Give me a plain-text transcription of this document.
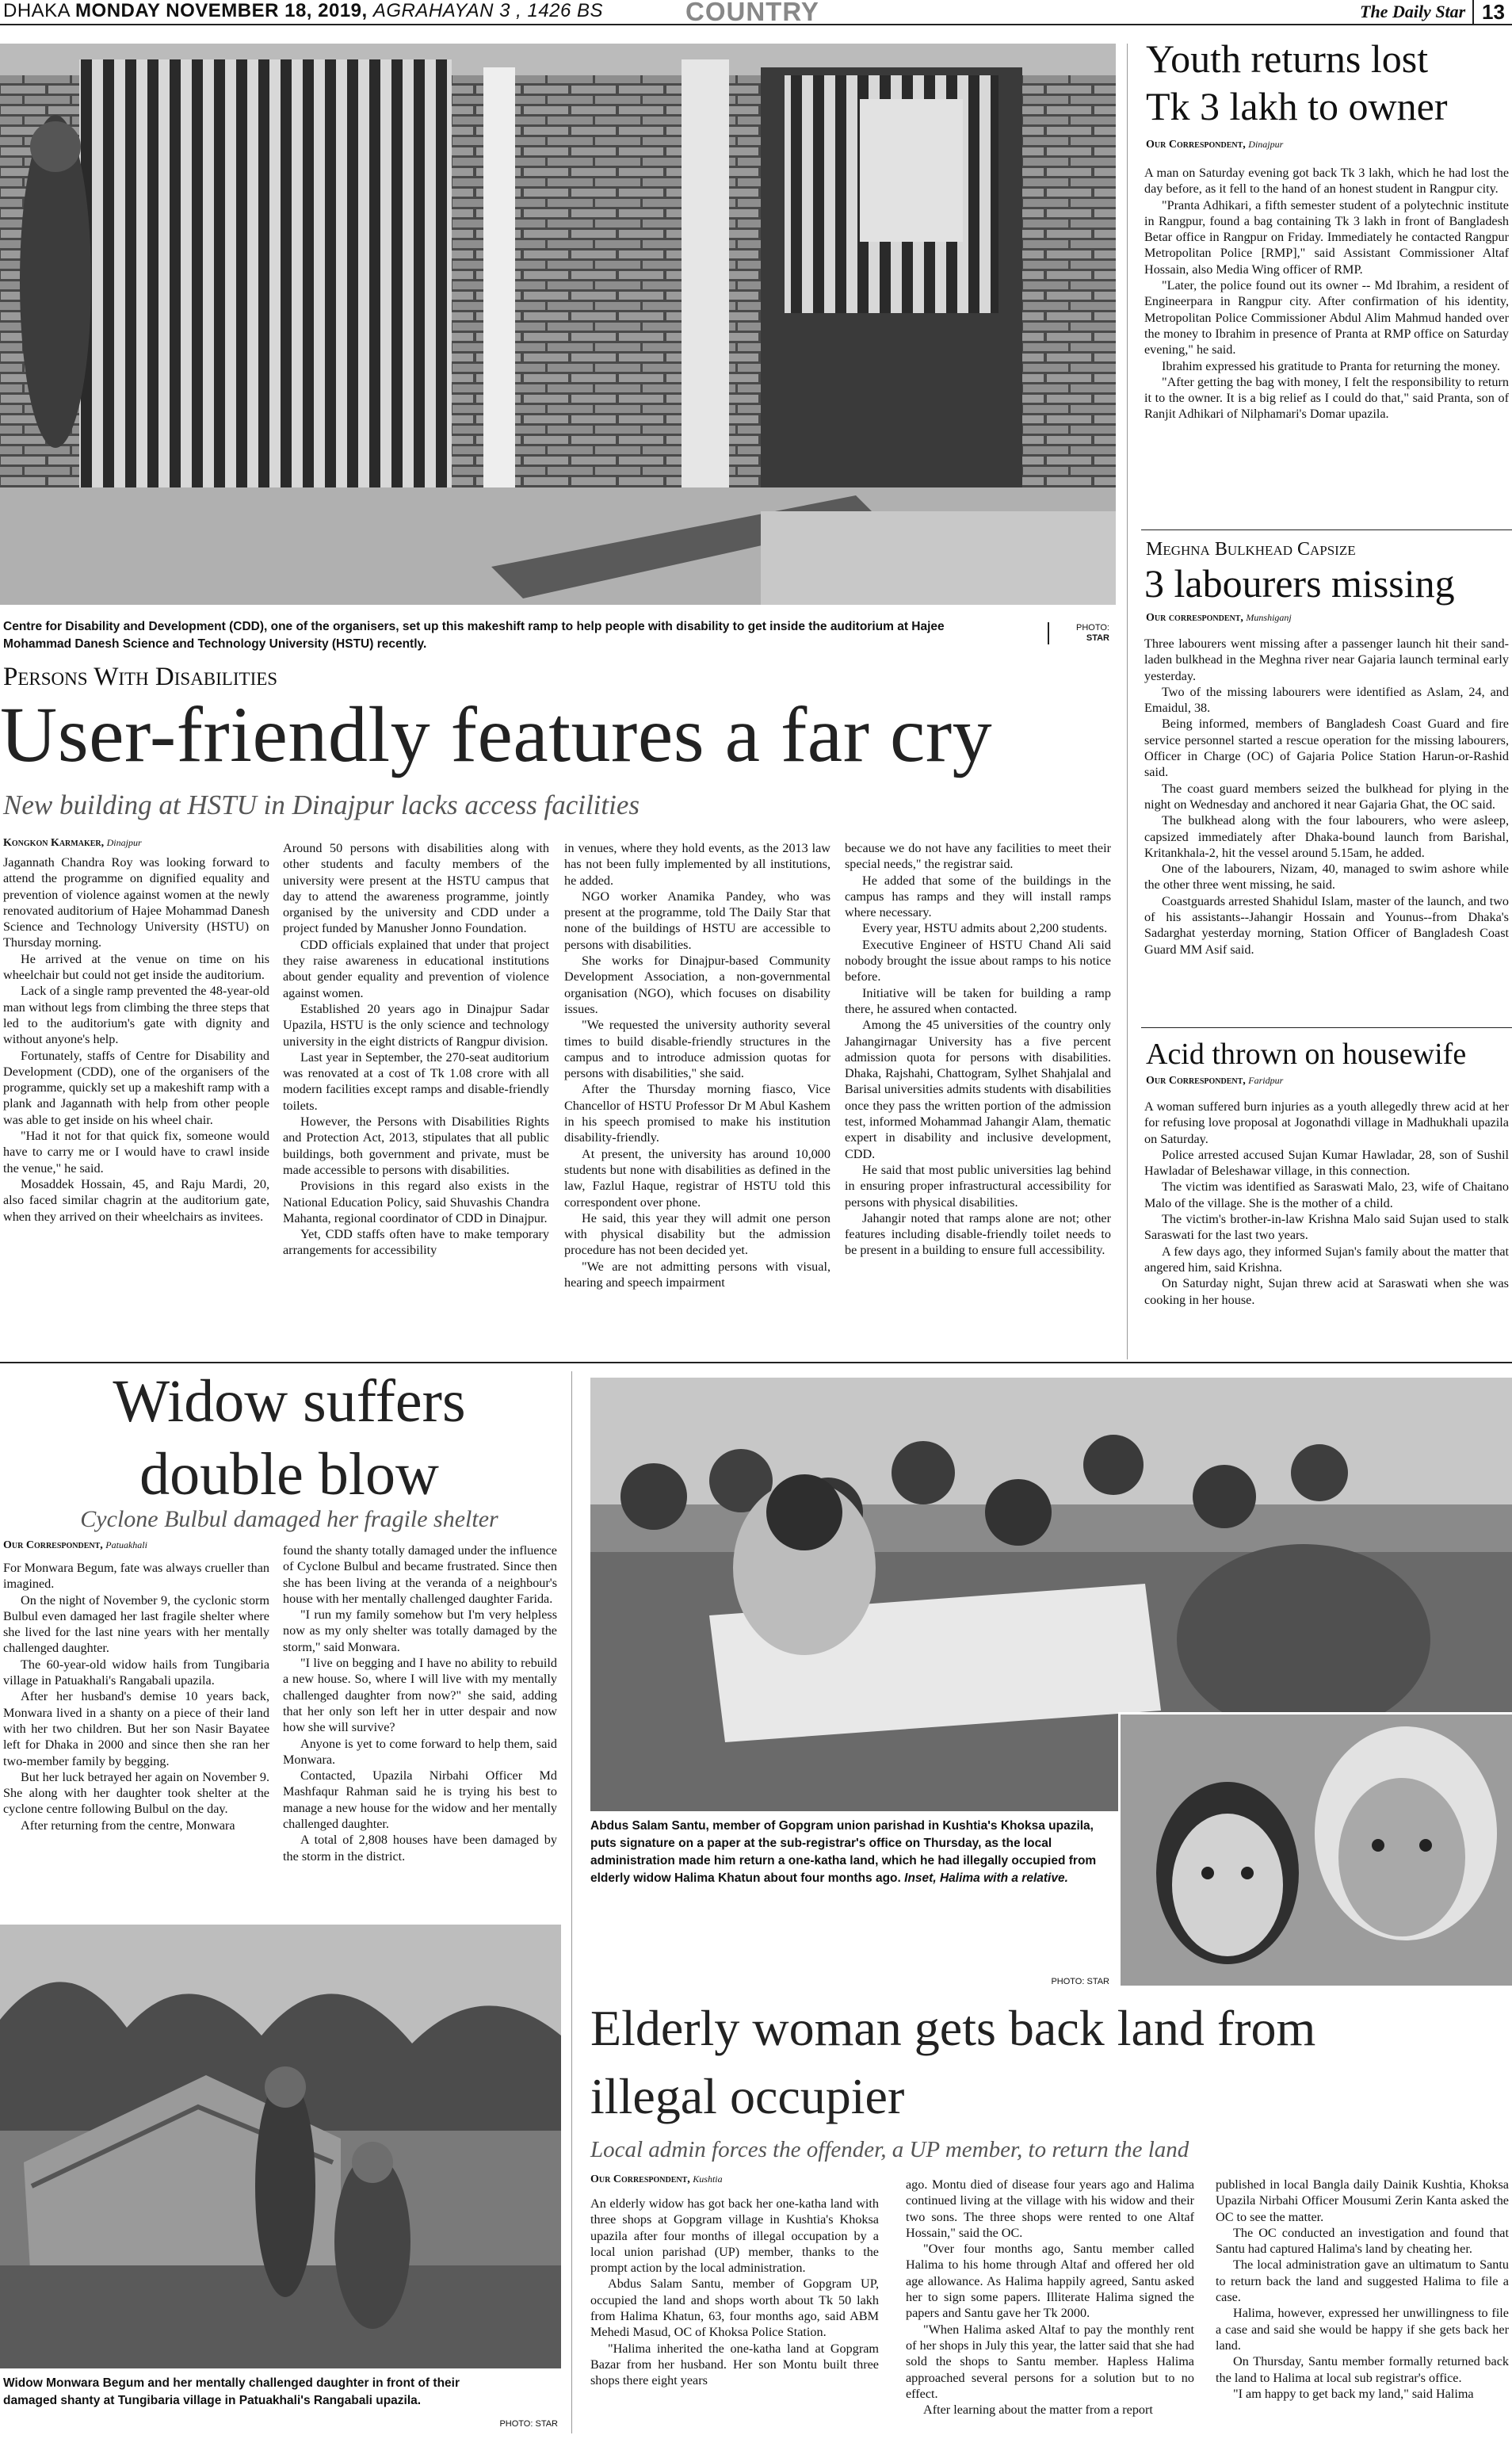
DHAKA MONDAY NOVEMBER 18, 2019, AGRAHAYAN 3 , 1426 BS	COUNTRY	The Daily Star 13
Centre for Disability and Development (CDD), one of the organisers, set up this makeshift ramp to help people with disability to get inside the auditorium at Hajee Mohammad Danesh Science and Technology University (HSTU) recently.
PHOTO:
STAR
Persons With Disabilities
User-friendly features a far cry
New building at HSTU in Dinajpur lacks access facilities
Kongkon Karmaker, Dinajpur

Jagannath Chandra Roy was looking forward to attend the programme on dignified equality and prevention of violence against women at the newly renovated auditorium of Hajee Mohammad Danesh Science and Technology University (HSTU) on Thursday morning.

He arrived at the venue on time on his wheelchair but could not get inside the auditorium.

Lack of a single ramp prevented the 48-year-old man without legs from climbing the three steps that led to the auditorium's gate with dignity and without anyone's help.

Fortunately, staffs of Centre for Disability and Development (CDD), one of the organisers of the programme, quickly set up a makeshift ramp with a plank and Jagannath with help from other people was able to get inside on his wheel chair.

"Had it not for that quick fix, someone would have to carry me or I would have to crawl inside the venue," he said.

Mosaddek Hossain, 45, and Raju Mardi, 20, also faced similar chagrin at the auditorium gate, when they arrived on their wheelchairs as invitees.

Around 50 persons with disabilities along with other students and faculty members of the university were present at the HSTU campus that day to attend the awareness programme, jointly organised by the university and CDD under a project funded by Manusher Jonno Foundation.

CDD officials explained that under that project they raise awareness in educational institutions about gender equality and prevention of violence against women.

Established 20 years ago in Dinajpur Sadar Upazila, HSTU is the only science and technology university in the eight districts of Rangpur division.

Last year in September, the 270-seat auditorium was renovated at a cost of Tk 1.08 crore with all modern facilities except ramps and disable-friendly toilets.

However, the Persons with Disabilities Rights and Protection Act, 2013, stipulates that all public buildings, both government and private, must be made accessible to persons with disabilities.

Provisions in this regard also exists in the National Education Policy, said Shuvashis Chandra Mahanta, regional coordinator of CDD in Dinajpur.

Yet, CDD staffs often have to make temporary arrangements for accessibility

in venues, where they hold events, as the 2013 law has not been fully implemented by all institutions, he added.

NGO worker Anamika Pandey, who was present at the programme, told The Daily Star that none of the buildings of HSTU are accessible to persons with disabilities.

She works for Dinajpur-based Community Development Association, a non-governmental organisation (NGO), which focuses on disability issues.

"We requested the university authority several times to build disable-friendly structures in the campus and to introduce admission quotas for persons with disabilities," she said.

After the Thursday morning fiasco, Vice Chancellor of HSTU Professor Dr M Abul Kashem in his speech promised to make his institution disability-friendly.

At present, the university has around 10,000 students but none with disabilities as defined in the law, Fazlul Haque, registrar of HSTU told this correspondent over phone.

He said, this year they will admit one person with physical disability but the admission procedure has not been decided yet.

"We are not admitting persons with visual, hearing and speech impairment

because we do not have any facilities to meet their special needs," the registrar said.

He added that some of the buildings in the campus has ramps and they will install ramps where necessary.

Every year, HSTU admits about 2,200 students.

Executive Engineer of HSTU Chand Ali said nobody brought the issue about ramps to his notice before.

Initiative will be taken for building a ramp there, he assured when contacted.

Among the 45 universities of the country only Jahangirnagar University has a five percent admission quota for persons with disabilities. Dhaka, Rajshahi, Chattogram, Sylhet Shahjalal and Barisal universities admits students with disabilities once they pass the written portion of the admission test, informed Mohammad Jahangir Alam, thematic expert in disability and inclusive development, CDD.

He said that most public universities lag behind in ensuring proper infrastructural accessibility for persons with physical disabilities.

Jahangir noted that ramps alone are not; other features including disable-friendly toilet needs to be present in a building to ensure full accessibility.

Youth returns lost
Tk 3 lakh to owner
Our Correspondent, Dinajpur

A man on Saturday evening got back Tk 3 lakh, which he had lost the day before, as it fell to the hand of an honest student in Rangpur city.

"Pranta Adhikari, a fifth semester student of a polytechnic institute in Rangpur, found a bag containing Tk 3 lakh in front of Bangladesh Betar office in Rangpur on Friday. Immediately he contacted Rangpur Metropolitan Police [RMP]," said Assistant Commissioner Altaf Hossain, also Media Wing officer of RMP.

"Later, the police found out its owner -- Md Ibrahim, a resident of Engineerpara in Rangpur city. After confirmation of his identity, Metropolitan Police Commissioner Abdul Alim Mahmud handed over the money to Ibrahim in presence of Pranta at RMP office on Saturday evening," he said.

Ibrahim expressed his gratitude to Pranta for returning the money.

"After getting the bag with money, I felt the responsibility to return it to the owner. It is a big relief as I could do that," said Pranta, son of Ranjit Adhikari of Nilphamari's Domar upazila.

Meghna Bulkhead Capsize
3 labourers missing
Our correspondent, Munshiganj

Three labourers went missing after a passenger launch hit their sand-laden bulkhead in the Meghna river near Gajaria launch terminal early yesterday.

Two of the missing labourers were identified as Aslam, 24, and Emaidul, 38.

Being informed, members of Bangladesh Coast Guard and fire service personnel started a rescue operation for the missing labourers, Officer in Charge (OC) of Gajaria Police Station Harun-or-Rashid said.

The coast guard members seized the bulkhead for plying in the night on Wednesday and anchored it near Gajaria Ghat, the OC said.

The bulkhead along with the four labourers, who were asleep, capsized immediately after Dhaka-bound launch from Barishal, Kritankhala-2, hit the vessel around 5.15am, he added.

One of the labourers, Nizam, 40, managed to swim ashore while the other three went missing, he said.

Coastguards arrested Shahidul Islam, master of the launch, and two of his assistants--Jahangir Hossain and Younus--from Dhaka's Sadarghat yesterday morning, Station Officer of Bangladesh Coast Guard MM Asif said.

Acid thrown on housewife
Our Correspondent, Faridpur

A woman suffered burn injuries as a youth allegedly threw acid at her for refusing love proposal at Jogonathdi village in Madhukhali upazila on Saturday.

Police arrested accused Sujan Kumar Hawladar, 28, son of Sushil Hawladar of Beleshawar village, in this connection.

The victim was identified as Saraswati Malo, 23, wife of Chaitano Malo of the village. She is the mother of a child.

The victim's brother-in-law Krishna Malo said Sujan used to stalk Saraswati for the last two years.

A few days ago, they informed Sujan's family about the matter that angered him, said Krishna.

On Saturday night, Sujan threw acid at Saraswati when she was cooking in her house.

Widow suffers
double blow
Cyclone Bulbul damaged her fragile shelter
Our Correspondent, Patuakhali

For Monwara Begum, fate was always crueller than imagined.

On the night of November 9, the cyclonic storm Bulbul even damaged her last fragile shelter where she lived for the last nine years with her mentally challenged daughter.

The 60-year-old widow hails from Tungibaria village in Patuakhali's Rangabali upazila.

After her husband's demise 10 years back, Monwara lived in a shanty on a piece of their land with her two children. But her son Nasir Bayatee left for Dhaka in 2000 and since then she ran her two-member family by begging.

But her luck betrayed her again on November 9. She along with her daughter took shelter at the cyclone centre following Bulbul on the day.

After returning from the centre, Monwara

found the shanty totally damaged under the influence of Cyclone Bulbul and became frustrated. Since then she has been living at the veranda of a neighbour's house with her mentally challenged daughter Farida.

"I run my family somehow but I'm very helpless now as my only shelter was totally damaged by the storm," said Monwara.

"I live on begging and I have no ability to rebuild a new house. So, where I will live with my mentally challenged daughter from now?" she said, adding that her only son left her in utter despair and now how she will survive?

Anyone is yet to come forward to help them, said Monwara.

Contacted, Upazila Nirbahi Officer Md Mashfaqur Rahman said he is trying his best to manage a new house for the widow and her mentally challenged daughter.

A total of 2,808 houses have been damaged by the storm in the district.

Widow Monwara Begum and her mentally challenged daughter in front of their damaged shanty at Tungibaria village in Patuakhali's Rangabali upazila.
PHOTO: STAR
Abdus Salam Santu, member of Gopgram union parishad in Kushtia's Khoksa upazila, puts signature on a paper at the sub-registrar's office on Thursday, as the local administration made him return a one-katha land, which he had illegally occupied from elderly widow Halima Khatun about four months ago. Inset, Halima with a relative.
PHOTO: STAR
Elderly woman gets back land from
illegal occupier
Local admin forces the offender, a UP member, to return the land
Our Correspondent, Kushtia

An elderly widow has got back her one-katha land with three shops at Gopgram village in Kushtia's Khoksa upazila after four months of illegal occupation by a local union parishad (UP) member, thanks to the prompt action by the local administration.

Abdus Salam Santu, member of Gopgram UP, occupied the land and shops worth about Tk 50 lakh from Halima Khatun, 63, four months ago, said ABM Mehedi Masud, OC of Khoksa Police Station.

"Halima inherited the one-katha land at Gopgram Bazar from her husband. Her son Montu built three shops there eight years

ago. Montu died of disease four years ago and Halima continued living at the village with his widow and their two sons. The three shops were rented to one Altaf Hossain," said the OC.

"Over four months ago, Santu member called Halima to his home through Altaf and offered her old age allowance. As Halima happily agreed, Santu asked her to sign some papers. Illiterate Halima signed the papers and Santu gave her Tk 2000.

"When Halima asked Altaf to pay the monthly rent of her shops in July this year, the latter said that she had sold the shops to Santu member. Hapless Halima approached several persons for a solution but to no effect.

After learning about the matter from a report

published in local Bangla daily Dainik Kushtia, Khoksa Upazila Nirbahi Officer Mousumi Zerin Kanta asked the OC to see the matter.

The OC conducted an investigation and found that Santu had captured Halima's land by cheating her.

The local administration gave an ultimatum to Santu to return back the land and suggested Halima to file a case.

Halima, however, expressed her unwillingness to file a case and said she would be happy if she gets back her land.

On Thursday, Santu member formally returned back the land to Halima at local sub registrar's office.

"I am happy to get back my land," said Halima
